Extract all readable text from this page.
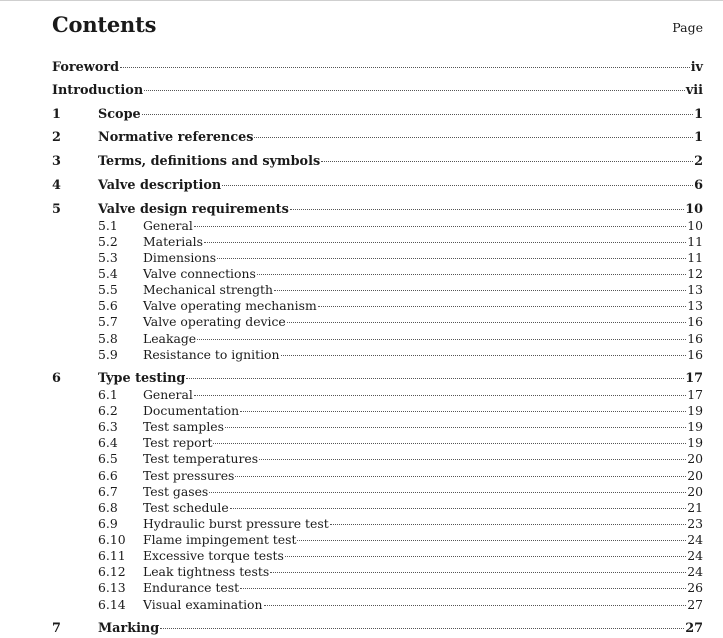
Contents	Page
Foreword	iv
Introduction	vii
1	Scope	1
2	Normative references	1
3	Terms, definitions and symbols	2
4	Valve description	6
5	Valve design requirements	10
5.1	General	10
5.2	Materials	11
5.3	Dimensions	11
5.4	Valve connections	12
5.5	Mechanical strength	13
5.6	Valve operating mechanism	13
5.7	Valve operating device	16
5.8	Leakage	16
5.9	Resistance to ignition	16
6	Type testing	17
6.1	General	17
6.2	Documentation	19
6.3	Test samples	19
6.4	Test report	19
6.5	Test temperatures	20
6.6	Test pressures	20
6.7	Test gases	20
6.8	Test schedule	21
6.9	Hydraulic burst pressure test	23
6.10	Flame impingement test	24
6.11	Excessive torque tests	24
6.12	Leak tightness tests	24
6.13	Endurance test	26
6.14	Visual examination	27
7	Marking	27
